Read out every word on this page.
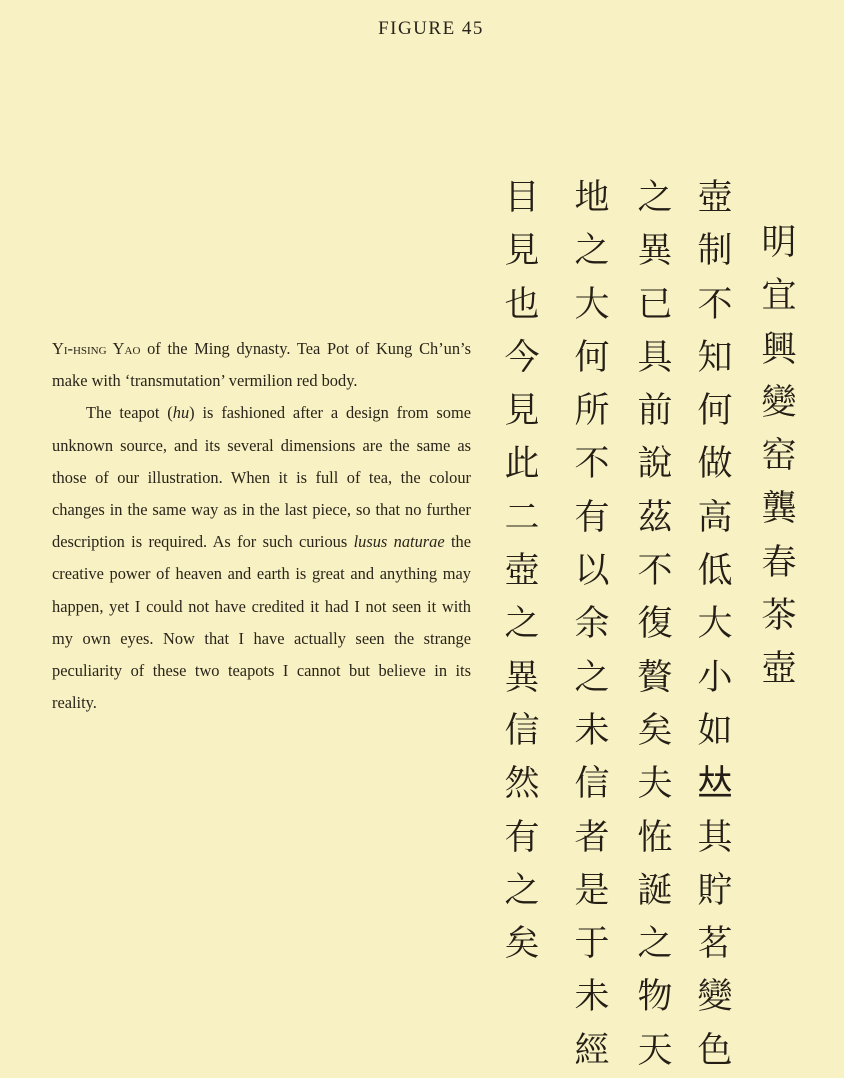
FIGURE 45

Yi-hsing Yao of the Ming dynasty. Tea Pot of Kung Ch’un’s make with ‘transmutation’ vermilion red body.

The teapot (hu) is fashioned after a design from some unknown source, and its several dimensions are the same as those of our illustration. When it is full of tea, the colour changes in the same way as in the last piece, so that no further description is required. As for such curious lusus naturae the creative power of heaven and earth is great and anything may happen, yet I could not have credited it had I not seen it with my own eyes. Now that I have actually seen the strange peculiarity of these two teapots I cannot but believe in its reality.

明
宜
興
變
窑
龔
春
茶
壺
壺
制
不
知
何
做
高
低
大
小
如
𠀤
其
貯
茗
變
色
之
異
已
具
前
說
茲
不
復
贅
矣
夫
恠
誕
之
物
天
地
之
大
何
所
不
有
以
余
之
未
信
者
是
于
未
經
目
見
也
今
見
此
二
壺
之
異
信
然
有
之
矣
